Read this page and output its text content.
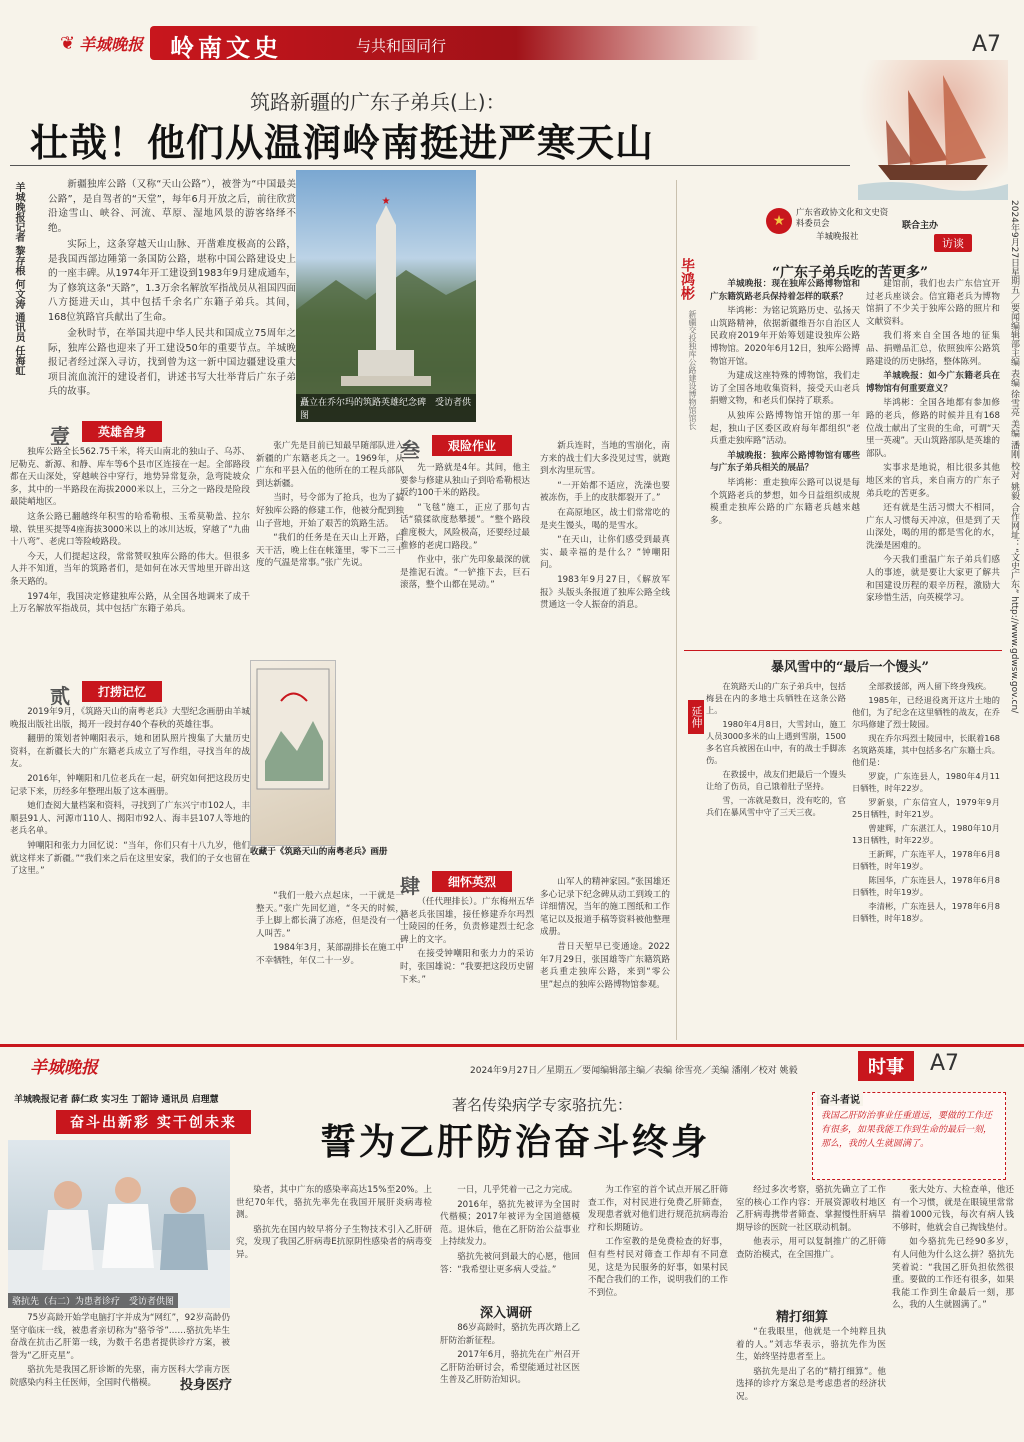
❦ 羊城晚报 岭南文史	与共和国同行	A7
2024年9月27日星期五／要闻编辑部主编 表编 徐雪亮 美编 潘刚 校对 姚毅 合作网址：“文史广东” http://www.gdwsw.gov.cn/
筑路新疆的广东子弟兵(上)：
壮哉！他们从温润岭南挺进严寒天山
羊城晚报记者 黎存根 何文涛 通讯员 任海虹	新疆独库公路（又称“天山公路”），被誉为“中国最美公路”，是自驾者的“天堂”，每年6月开放之后，前往欣赏沿途雪山、峡谷、河流、草原、湿地风景的游客络绎不绝。

实际上，这条穿越天山山脉、开凿难度极高的公路，是我国西部边陲第一条国防公路，堪称中国公路建设史上的一座丰碑。从1974年开工建设到1983年9月建成通车，为了修筑这条“天路”，1.3万余名解放军指战员从祖国四面八方挺进天山，其中包括千余名广东籍子弟兵。其间，168位筑路官兵献出了生命。

金秋时节，在举国共迎中华人民共和国成立75周年之际，独库公路也迎来了开工建设50年的重要节点。羊城晚报记者经过深入寻访，找到曾为这一新中国边疆建设重大项目流血流汗的建设者们，讲述书写大壮举背后广东子弟兵的故事。

★
矗立在乔尔玛的筑路英雄纪念碑　受访者供图
★
广东省政协文化和文史资料委员会	联合主办
羊城晚报社	访谈
“广东子弟兵吃的苦更多”
毕鸿彬
新疆交投独库公路建设博物馆馆长

羊城晚报：现在独库公路博物馆和广东籍筑路老兵保持着怎样的联系？

毕鸿彬：为铭记筑路历史、弘扬天山筑路精神，依据新疆维吾尔自治区人民政府2019年开始筹划建设独库公路博物馆。2020年6月12日，独库公路博物馆开馆。

为建成这座特殊的博物馆，我们走访了全国各地收集资料，接受天山老兵捐赠文物，和老兵们保持了联系。

从独库公路博物馆开馆的那一年起，独山子区委区政府每年都组织“老兵重走独库路”活动。

羊城晚报：独库公路博物馆有哪些与广东子弟兵相关的展品？

毕鸿彬：重走独库公路可以说是每个筑路老兵的梦想，如今日益组织成规模重走独库公路的广东籍老兵越来越多。

建馆前，我们也去广东信宜开过老兵座谈会。信宜籍老兵为博物馆捐了不少关于独库公路的照片和文献资料。

我们将来自全国各地的征集品、捐赠品汇总，依照独库公路筑路建设的历史脉络，整体陈列。

羊城晚报：如今广东籍老兵在博物馆有何重要意义？

毕鸿彬：全国各地都有参加修路的老兵，修路的时候并且有168位战士献出了宝贵的生命，可谓“天里一英魂”。天山筑路部队是英雄的部队。

实事求是地说，相比很多其他地区来的官兵，来自南方的广东子弟兵吃的苦更多。

还有就是生活习惯大不相同，广东人习惯每天冲凉，但是到了天山深处，喝的用的都是雪化的水，洗澡是困难的。

今天我们重温广东子弟兵们感人的事迹，就是要让大家更了解共和国建设历程的艰辛历程，激励大家珍惜生活，向英模学习。

暴风雪中的“最后一个馒头”
延伸

在筑路天山的广东子弟兵中，包括梅县在内的多地士兵牺牲在这条公路上。

1980年4月8日，大雪封山，施工人员3000多米的山上遇到雪崩，1500多名官兵被困在山中，有的战士手脚冻伤。

在救援中，战友们把最后一个馒头让给了伤员，自己饿着肚子坚持。

雪，一冻就是数日，没有吃的，官兵们在暴风雪中守了三天三夜。

全部救援部，两人留下终身残疾。

1985年，已经退役离开这片土地的他们，为了纪念在这里牺牲的战友，在乔尔玛修建了烈士陵园。

现在乔尔玛烈士陵园中，长眠着168名筑路英雄，其中包括多名广东籍士兵。他们是：

罗旋，广东连县人，1980年4月11日牺牲，时年22岁。

罗新泉，广东信宜人，1979年9月25日牺牲，时年21岁。

曾建辉，广东湛江人，1980年10月13日牺牲，时年22岁。

王新辉，广东连平人，1978年6月8日牺牲，时年19岁。

陈国华，广东连县人，1978年6月8日牺牲，时年19岁。

李清彬，广东连县人，1978年6月8日牺牲，时年18岁。

壹	英雄舍身

独库公路全长562.75千米，将天山南北的独山子、乌苏、尼勒克、新源、和静、库车等6个县市区连接在一起。全部路段都在天山深处，穿越峡谷中穿行，地势异常复杂，急弯陡坡众多，其中的一半路段在海拔2000米以上，三分之一路段是险段最陡峭地区。

这条公路已翻越终年积雪的哈希勒根、玉希莫勒盖、拉尔墩、铁里买提等4座海拔3000米以上的冰川达坂，穿越了“九曲十八弯”、老虎口等险峻路段。

今天，人们提起这段，常常赞叹独库公路的伟大。但很多人并不知道，当年的筑路者们，是如何在冰天雪地里开辟出这条天路的。

1974年，我国决定修建独库公路，从全国各地调来了成千上万名解放军指战员，其中包括广东籍子弟兵。

贰	打捞记忆

2019年9月，《筑路天山的南粤老兵》大型纪念画册由羊城晚报出版社出版，揭开一段封存40个春秋的英雄往事。

翻册的策划者钟嘲阳表示，她和团队照片搜集了大量历史资料，在新疆长大的广东籍老兵成立了写作组，寻找当年的战友。

2016年，钟嘲阳和几位老兵在一起，研究如何把这段历史记录下来，历经多年整理出版了这本画册。

她们查阅大量档案和资料，寻找到了广东兴宁市102人，丰顺县91人、河源市110人、揭阳市92人、海丰县107人等地的老兵名单。

钟嘲阳和张力力回忆说：“当年，你们只有十八九岁，他们就这样来了新疆。”“我们来之后在这里安家，我们的子女也留在了这里。”

张广先是目前已知最早随部队进入新疆的广东籍老兵之一。1969年，从广东和平县入伍的他所在的工程兵部队到达新疆。

当时，号令部为了抢兵，也为了搞好独库公路的修建工作，他被分配到独山子营地，开始了艰苦的筑路生活。

“我们的任务是在天山上开路，白天干活，晚上住在帐篷里，零下二三十度的气温是常事。”张广先说。

收藏于《筑路天山的南粤老兵》画册

“我们一般六点起床，一干就是一整天。”张广先回忆道，“冬天的时候，手上脚上都长满了冻疮，但是没有一个人叫苦。”

1984年3月，某部副排长在施工中不幸牺牲，年仅二十一岁。

叁	艰险作业

先一路就是4年。其间，他主要参与修建从独山子到哈希勒根达坂约100千米的路段。

“飞毯”施工，正应了那句古话“猿猱欲度愁攀援”。“整个路段难度极大，风险极高，还要经过最难修的老虎口路段。”

作业中，张广先印象最深的就是推泥石流。“一铲推下去，巨石滚落，整个山都在晃动。”

肆	细怀英烈

（任代理排长）。广东梅州五华籍老兵张国雄，接任修建乔尔玛烈士陵园的任务，负责修建烈士纪念碑上的文字。

在接受钟嘲阳和张力力的采访时，张国雄说：“我要把这段历史留下来。”

新兵连时，当地的雪崩化，南方来的战士们大多没见过雪，就跑到水沟里玩雪。

“一开始都不适应，洗澡也要被冻伤，手上的皮肤都裂开了。”

在高原地区，战士们常常吃的是夹生馒头，喝的是雪水。

“在天山，让你们感受到最真实、最幸福的是什么？”钟嘲阳问。

1983年9月27日，《解放军报》头版头条报道了独库公路全线贯通这一令人振奋的消息。

山军人的精神家园。”张国雄还多心记录下纪念碑从动工到竣工的详细情况，当年的施工图纸和工作笔记以及报道手稿等资料被他整理成册。

昔日天堑早已变通途。2022年7月29日，张国雄等广东籍筑路老兵重走独库公路，来到“零公里”起点的独库公路博物馆参观。

羊城晚报	2024年9月27日／星期五／要闻编辑部主编／表编 徐雪亮／美编 潘刚／校对 姚毅	时事	A7
羊城晚报记者 薛仁政 实习生 丁韶诗 通讯员 启理慧
奋斗出新彩 实干创未来
著名传染病学专家骆抗先：
誓为乙肝防治奋斗终身
奋斗者说
我国乙肝防治事业任重道远，要做的工作还有很多，如果我能工作到生命的最后一刻，那么，我的人生就圆满了。
骆抗先（右二）为患者诊疗　受访者供图

75岁高龄开始学电脑打字并成为“网红”，92岁高龄仍坚守临床一线，被患者亲切称为“骆爷爷”……骆抗先毕生奋战在抗击乙肝第一线，为数千名患者提供诊疗方案，被誉为“乙肝克星”。

骆抗先是我国乙肝诊断的先驱，南方医科大学南方医院感染内科主任医师，全国时代楷模。

染者，其中广东的感染率高达15%至20%。上世纪70年代，骆抗先率先在我国开展肝炎病毒检测。

骆抗先在国内较早将分子生物技术引入乙肝研究，发现了我国乙肝病毒E抗原阴性感染者的病毒变异。

投身医疗

一日，几乎凭着一己之力完成。

2016年，骆抗先被评为全国时代楷模；2017年被评为全国道德模范。退休后，他在乙肝防治公益事业上持续发力。

骆抗先被问到最大的心愿，他回答：“我希望让更多病人受益。”

深入调研

86岁高龄时，骆抗先再次踏上乙肝防治新征程。

2017年6月，骆抗先在广州召开乙肝防治研讨会，希望能通过社区医生普及乙肝防治知识。

为工作室的首个试点开展乙肝筛查工作，对村民进行免费乙肝筛查，发现患者就对他们进行规范抗病毒治疗和长期随访。

工作室教的是免费检查的好事，但有些村民对筛查工作却有不同意见，这是为民服务的好事，如果村民不配合我们的工作，说明我们的工作不到位。

经过多次考察，骆抗先确立了工作室的核心工作内容：开展资源收村地区乙肝病毒携带者筛查、掌握慢性肝病早期导诊的医院一社区联动机制。

他表示，用可以复制推广的乙肝筛查防治模式，在全国推广。

精打细算

“在我眼里，他就是一个纯粹且执着的人。”刘志华表示，骆抗先作为医生，始终坚持患者至上。

骆抗先是出了名的“精打细算”。他选择的诊疗方案总是考虑患者的经济状况。

张大处方、大检查单，他还有一个习惯，就是在眼镜里常常揣着1000元钱，每次有病人钱不够时，他就会自己掏钱垫付。

如今骆抗先已经90多岁，有人问他为什么这么拼？骆抗先笑着说：“我国乙肝负担依然很重。要做的工作还有很多，如果我能工作到生命最后一刻，那么，我的人生就圆满了。”
